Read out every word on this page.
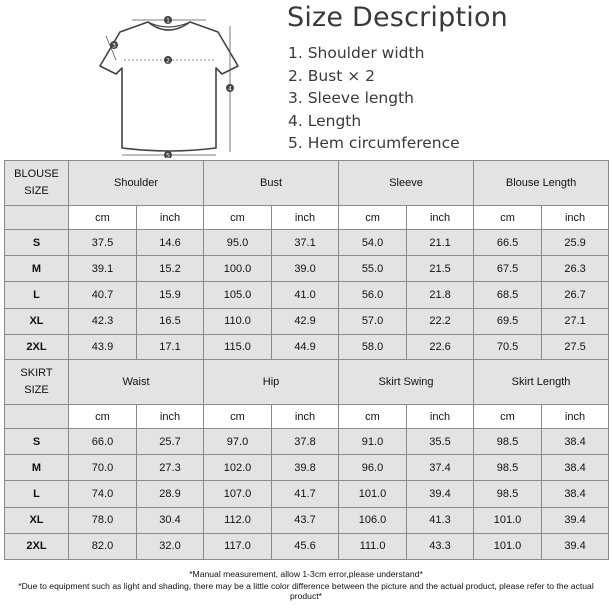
1
2
3
4
5
Size Description
1. Shoulder width
2. Bust × 2
3. Sleeve length
4. Length
5. Hem circumference
BLOUSE
SIZE	Shoulder		Bust		Sleeve		Blouse Length	
	cm	inch	cm	inch	cm	inch	cm	inch
S	37.5	14.6	95.0	37.1	54.0	21.1	66.5	25.9
M	39.1	15.2	100.0	39.0	55.0	21.5	67.5	26.3
L	40.7	15.9	105.0	41.0	56.0	21.8	68.5	26.7
XL	42.3	16.5	110.0	42.9	57.0	22.2	69.5	27.1
2XL	43.9	17.1	115.0	44.9	58.0	22.6	70.5	27.5
SKIRT
SIZE	Waist		Hip		Skirt Swing		Skirt Length	
	cm	inch	cm	inch	cm	inch	cm	inch
S	66.0	25.7	97.0	37.8	91.0	35.5	98.5	38.4
M	70.0	27.3	102.0	39.8	96.0	37.4	98.5	38.4
L	74.0	28.9	107.0	41.7	101.0	39.4	98.5	38.4
XL	78.0	30.4	112.0	43.7	106.0	41.3	101.0	39.4
2XL	82.0	32.0	117.0	45.6	111.0	43.3	101.0	39.4
*Manual measurement, allow 1-3cm error,please understand*
*Due to equipment such as light and shading, there may be a little color difference between the picture and the actual product, please refer to the actual product*
